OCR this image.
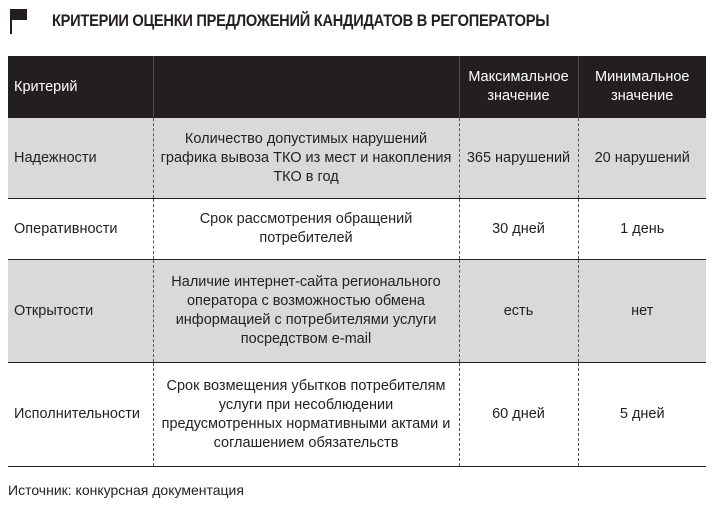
КРИТЕРИИ ОЦЕНКИ ПРЕДЛОЖЕНИЙ КАНДИДАТОВ В РЕГОПЕРАТОРЫ
Критерий		Максимальное значение	Минимальное значение
Надежности	Количество допустимых нарушений графика вывоза ТКО из мест и накопления ТКО в год	365 нарушений	20 нарушений
Оперативности	Срок рассмотрения обращений потребителей	30 дней	1 день
Открытости	Наличие интернет-сайта регионального оператора с возможностью обмена информацией с потребителями услуги посредством e-mail	есть	нет
Исполнительности	Срок возмещения убытков потребителям услуги при несоблюдении предусмотренных нормативными актами и соглашением обязательств	60 дней	5 дней
Источник: конкурсная документация
